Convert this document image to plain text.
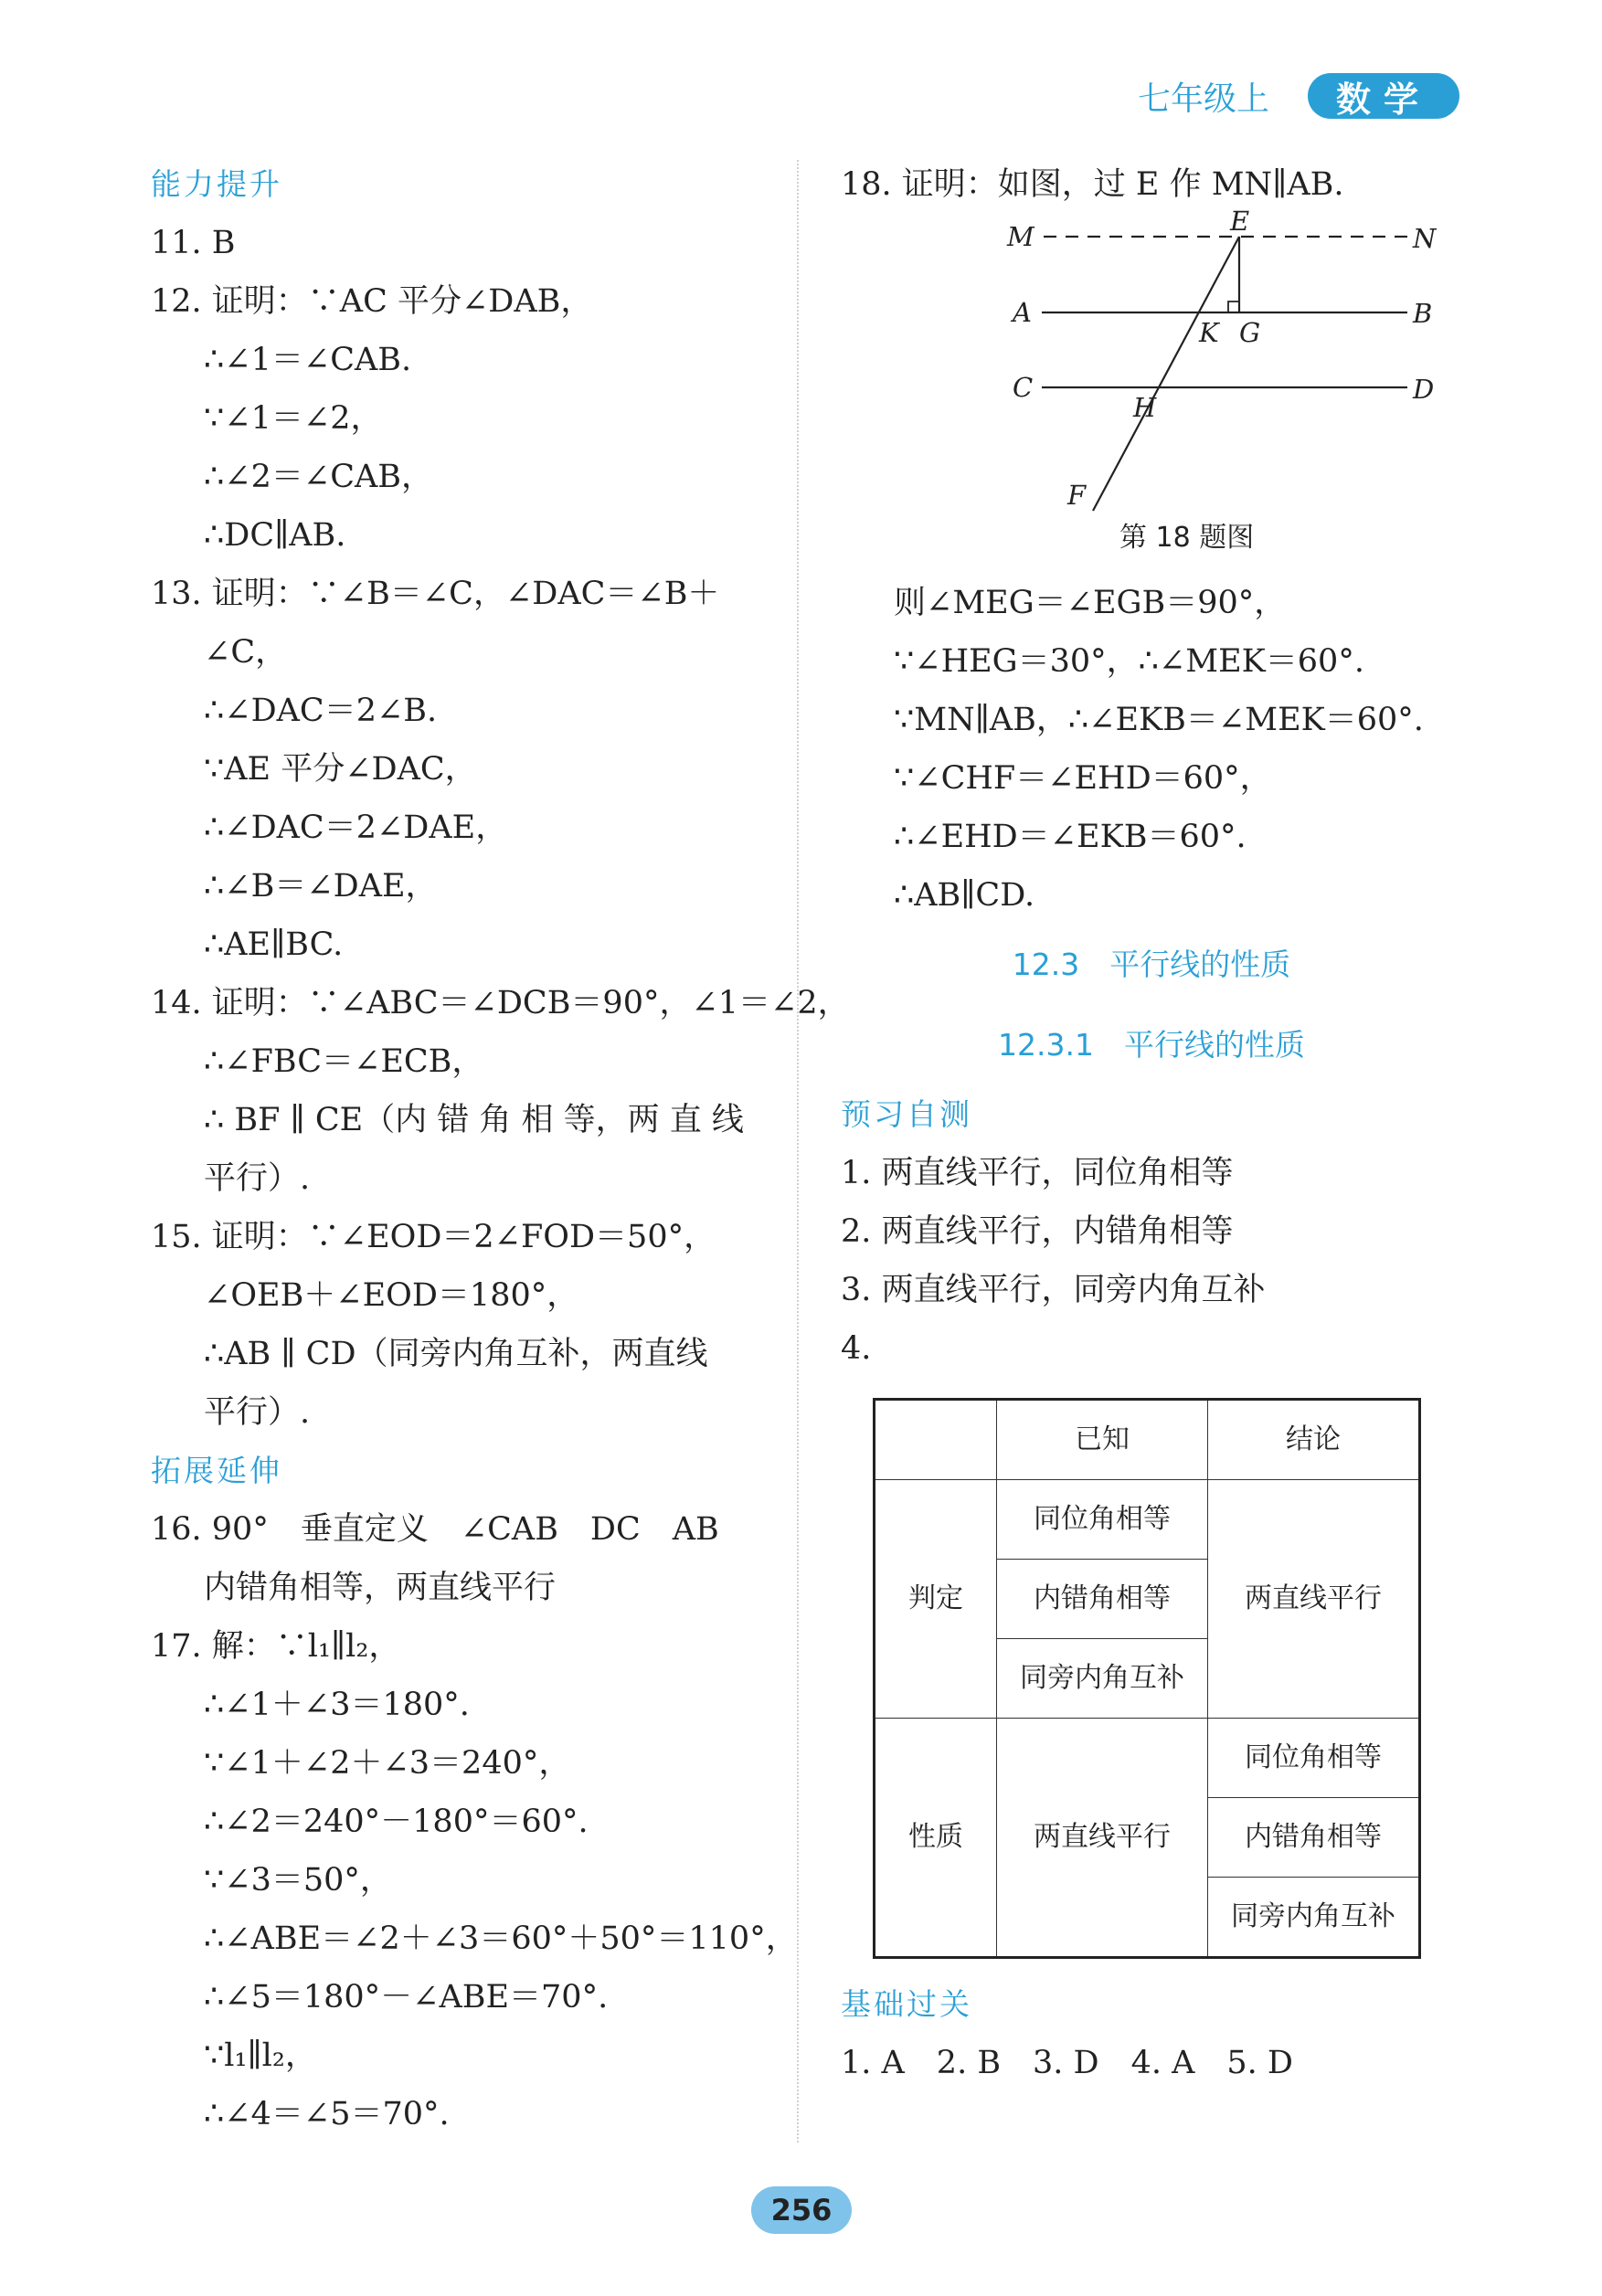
七年级上	数学
能力提升
11. B
12. 证明：∵AC 平分∠DAB，
∴∠1＝∠CAB.
∵∠1＝∠2，
∴∠2＝∠CAB，
∴DC∥AB.
13. 证明：∵∠B＝∠C，∠DAC＝∠B＋
∠C，
∴∠DAC＝2∠B.
∵AE 平分∠DAC，
∴∠DAC＝2∠DAE，
∴∠B＝∠DAE，
∴AE∥BC.
14. 证明：∵∠ABC＝∠DCB＝90°，∠1＝∠2，
∴∠FBC＝∠ECB，
∴ BF ∥ CE（内 错 角 相 等，两 直 线
平行）.
15. 证明：∵∠EOD＝2∠FOD＝50°，
∠OEB＋∠EOD＝180°，
∴AB ∥ CD（同旁内角互补，两直线
平行）.
拓展延伸
16. 90°　垂直定义　∠CAB　DC　AB
内错角相等，两直线平行
17. 解：∵l₁∥l₂，
∴∠1＋∠3＝180°.
∵∠1＋∠2＋∠3＝240°，
∴∠2＝240°－180°＝60°.
∵∠3＝50°，
∴∠ABE＝∠2＋∠3＝60°＋50°＝110°，
∴∠5＝180°－∠ABE＝70°.
∵l₁∥l₂，
∴∠4＝∠5＝70°.
18. 证明：如图，过 E 作 MN∥AB.
M	N
E
A	B
K G
C	D
H
F
第 18 题图
则∠MEG＝∠EGB＝90°，
∵∠HEG＝30°，∴∠MEK＝60°.
∵MN∥AB，∴∠EKB＝∠MEK＝60°.
∵∠CHF＝∠EHD＝60°，
∴∠EHD＝∠EKB＝60°.
∴AB∥CD.
12.3　平行线的性质
12.3.1　平行线的性质
预习自测
1. 两直线平行，同位角相等
2. 两直线平行，内错角相等
3. 两直线平行，同旁内角互补
4.
	已知	结论
判定	同位角相等	两直线平行
	内错角相等	
	同旁内角互补	
性质	两直线平行	同位角相等
		内错角相等
		同旁内角互补
基础过关
1. A　2. B　3. D　4. A　5. D
256
